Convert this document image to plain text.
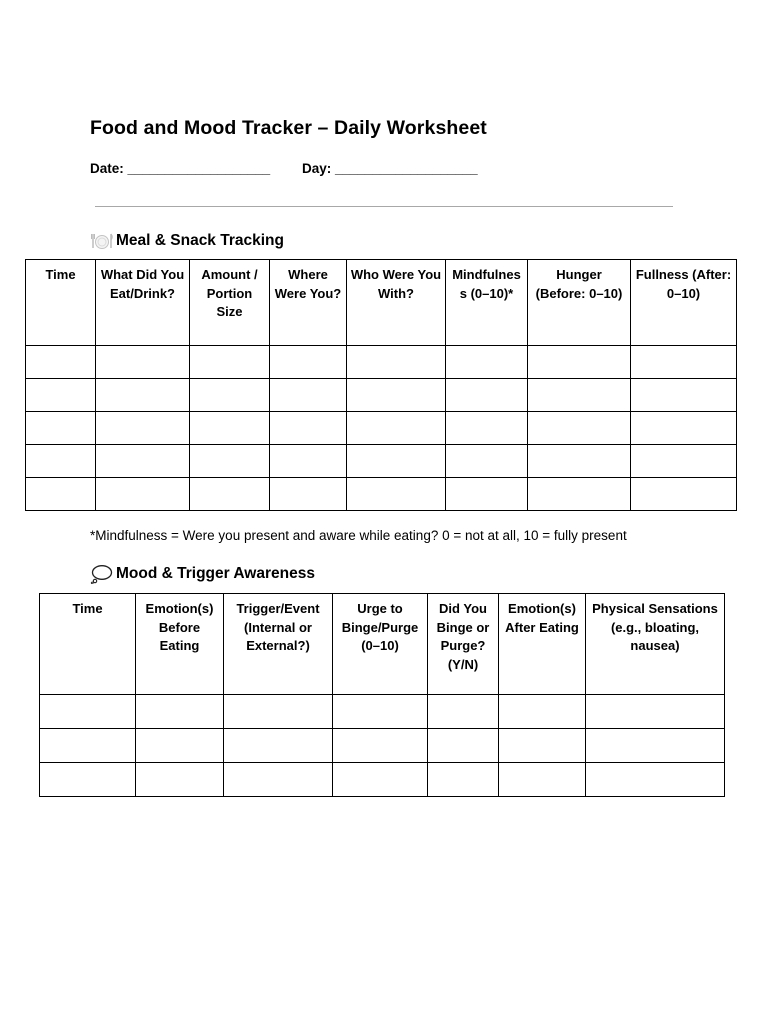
Food and Mood Tracker – Daily Worksheet
Date: ___________________ Day: ___________________
Meal & Snack Tracking
Time	What Did You Eat/Drink?	Amount / Portion Size	Where Were You?	Who Were You With?	Mindfulness (0–10)*	Hunger (Before: 0–10)	Fullness (After: 0–10)

*Mindfulness = Were you present and aware while eating? 0 = not at all, 10 = fully present
Mood & Trigger Awareness
Time	Emotion(s) Before Eating	Trigger/Event (Internal or External?)	Urge to Binge/Purge (0–10)	Did You Binge or Purge? (Y/N)	Emotion(s) After Eating	Physical Sensations (e.g., bloating, nausea)
